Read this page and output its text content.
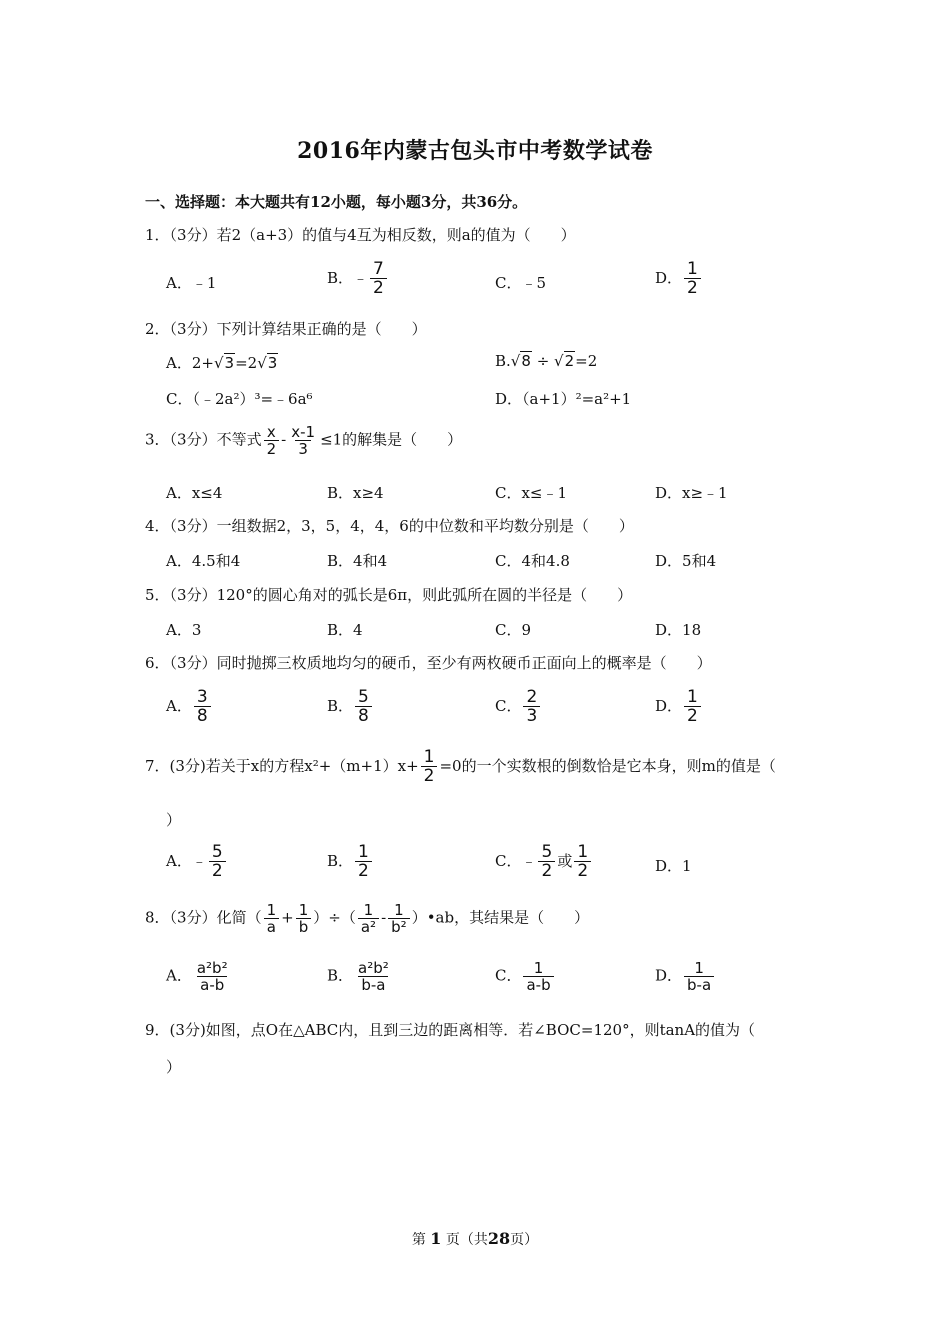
2016年内蒙古包头市中考数学试卷
一、选择题：本大题共有12小题，每小题3分，共36分。
1．（3分）若2（a+3）的值与4互为相反数，则a的值为（　　）
A．﹣1	B．﹣ $\frac{7}{2}$	C．﹣5	D． $\frac{1}{2}$
2．（3分）下列计算结果正确的是（　　）
A．2+√3=2√3	B.√8 ÷ √2=2
C．（﹣2a²）³=﹣6a⁶	D．（a+1）²=a²+1
3．（3分）不等式 $\frac{x}{2} - \frac{x-1}{3} \le 1$的解集是（　　）
A．x≤4	B．x≥4	C．x≤﹣1	D．x≥﹣1
4．（3分）一组数据2，3，5，4，4，6的中位数和平均数分别是（　　）
A．4.5和4	B．4和4	C．4和4.8	D．5和4
5．（3分）120°的圆心角对的弧长是6π，则此弧所在圆的半径是（　　）
A．3	B．4	C．9	D．18
6．（3分）同时抛掷三枚质地均匀的硬币，至少有两枚硬币正面向上的概率是（　　）
A． $\frac{3}{8}$	B． $\frac{5}{8}$	C． $\frac{2}{3}$	D． $\frac{1}{2}$
7．(3分)若关于x的方程$x^2+(m+1)x+ \frac{1}{2} =0$的一个实数根的倒数恰是它本身，则m的值是（
）
A．﹣ $\frac{5}{2}$	B． $\frac{1}{2}$	C．﹣ $\frac{5}{2}$ 或 $\frac{1}{2}$	D．1
8．（3分）化简（ $\frac{1}{a} + \frac{1}{b}$ ）÷（ $\frac{1}{\text{a²}} - \frac{1}{\text{b²}}$ ）•ab，其结果是（　　）
A． $\frac{\text{a²b²}}{a-b}$	B． $\frac{\text{a²b²}}{b-a}$	C． $\frac{1}{a-b}$	D． $\frac{1}{b-a}$
9．(3分)如图，点O在△ABC内，且到三边的距离相等．若∠BOC=120°，则tanA的值为（
）
第 1 页（共28页）
